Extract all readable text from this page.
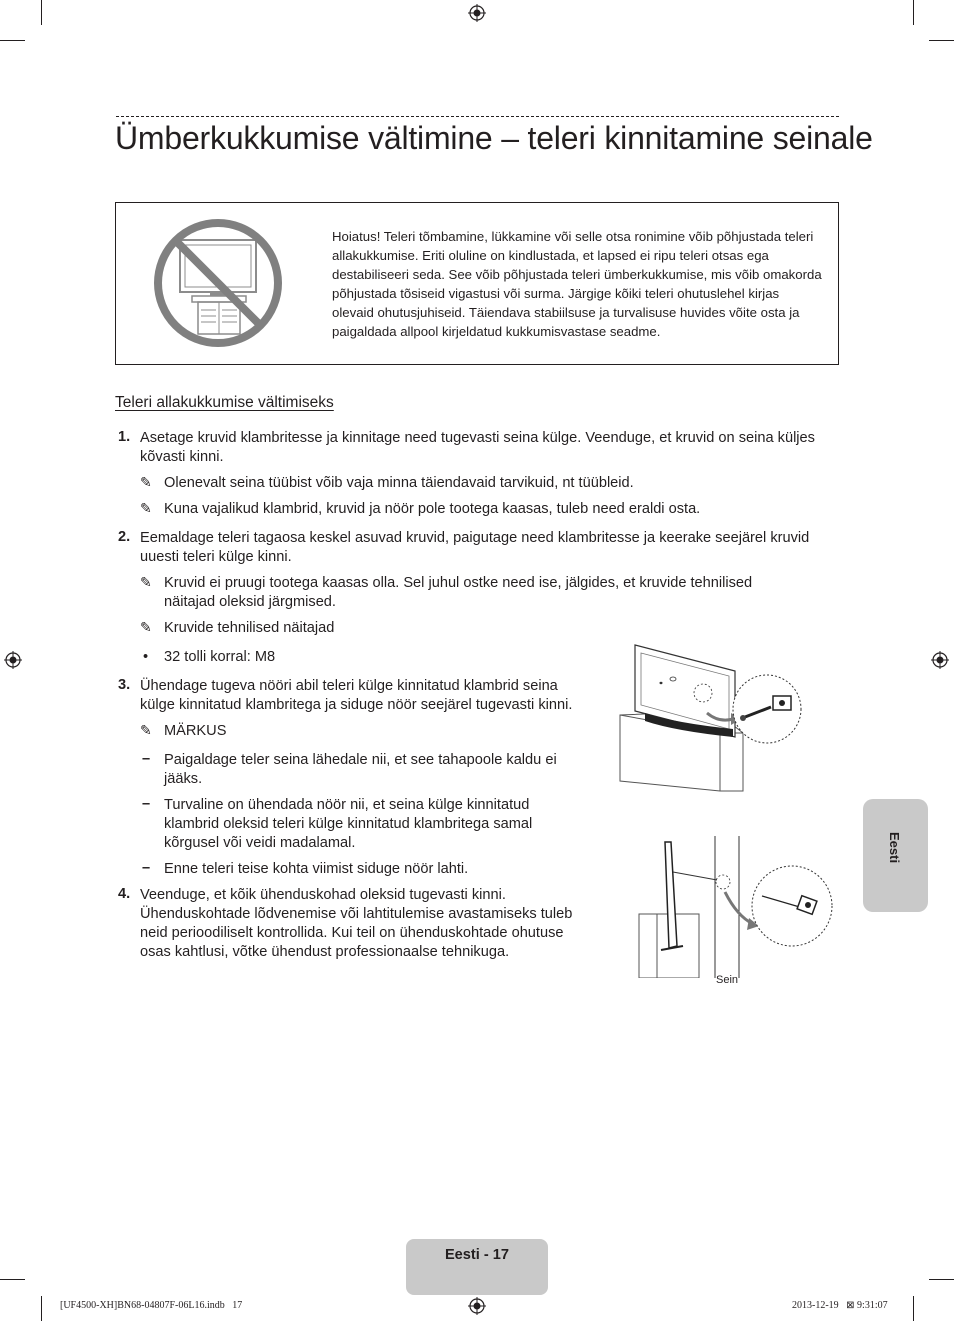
Ümberkukkumise vältimine – teleri kinnitamine seinale
Hoiatus! Teleri tõmbamine, lükkamine või selle otsa ronimine võib põhjustada teleri allakukkumise. Eriti oluline on kindlustada, et lapsed ei ripu teleri otsas ega destabiliseeri seda. See võib põhjustada teleri ümberkukkumise, mis võib omakorda põhjustada tõsiseid vigastusi või surma. Järgige kõiki teleri ohutuslehel kirjas olevaid ohutusjuhiseid. Täiendava stabiilsuse ja turvalisuse huvides võite osta ja paigaldada allpool kirjeldatud kukkumisvastase seadme.
Teleri allakukkumise vältimiseks
1. Asetage kruvid klambritesse ja kinnitage need tugevasti seina külge. Veenduge, et kruvid on seina küljes kõvasti kinni.
✎ Olenevalt seina tüübist võib vaja minna täiendavaid tarvikuid, nt tüübleid.
✎ Kuna vajalikud klambrid, kruvid ja nöör pole tootega kaasas, tuleb need eraldi osta.
2. Eemaldage teleri tagaosa keskel asuvad kruvid, paigutage need klambritesse ja keerake seejärel kruvid uuesti teleri külge kinni.
✎ Kruvid ei pruugi tootega kaasas olla. Sel juhul ostke need ise, jälgides, et kruvide tehnilised näitajad oleksid järgmised.
✎ Kruvide tehnilised näitajad
• 32 tolli korral: M8
3. Ühendage tugeva nööri abil teleri külge kinnitatud klambrid seina külge kinnitatud klambritega ja siduge nöör seejärel tugevasti kinni.
✎ MÄRKUS
– Paigaldage teler seina lähedale nii, et see tahapoole kaldu ei jääks.
– Turvaline on ühendada nöör nii, et seina külge kinnitatud klambrid oleksid teleri külge kinnitatud klambritega samal kõrgusel või veidi madalamal.
– Enne teleri teise kohta viimist siduge nöör lahti.
4. Veenduge, et kõik ühenduskohad oleksid tugevasti kinni. Ühenduskohtade lõdvenemise või lahtitulemise avastamiseks tuleb neid perioodiliselt kontrollida. Kui teil on ühenduskohtade ohutuse osas kahtlusi, võtke ühendust professionaalse tehnikuga.
Sein
Eesti
Eesti - 17
[UF4500-XH]BN68-04807F-06L16.indb   17	2013-12-19   ⊠ 9:31:07
